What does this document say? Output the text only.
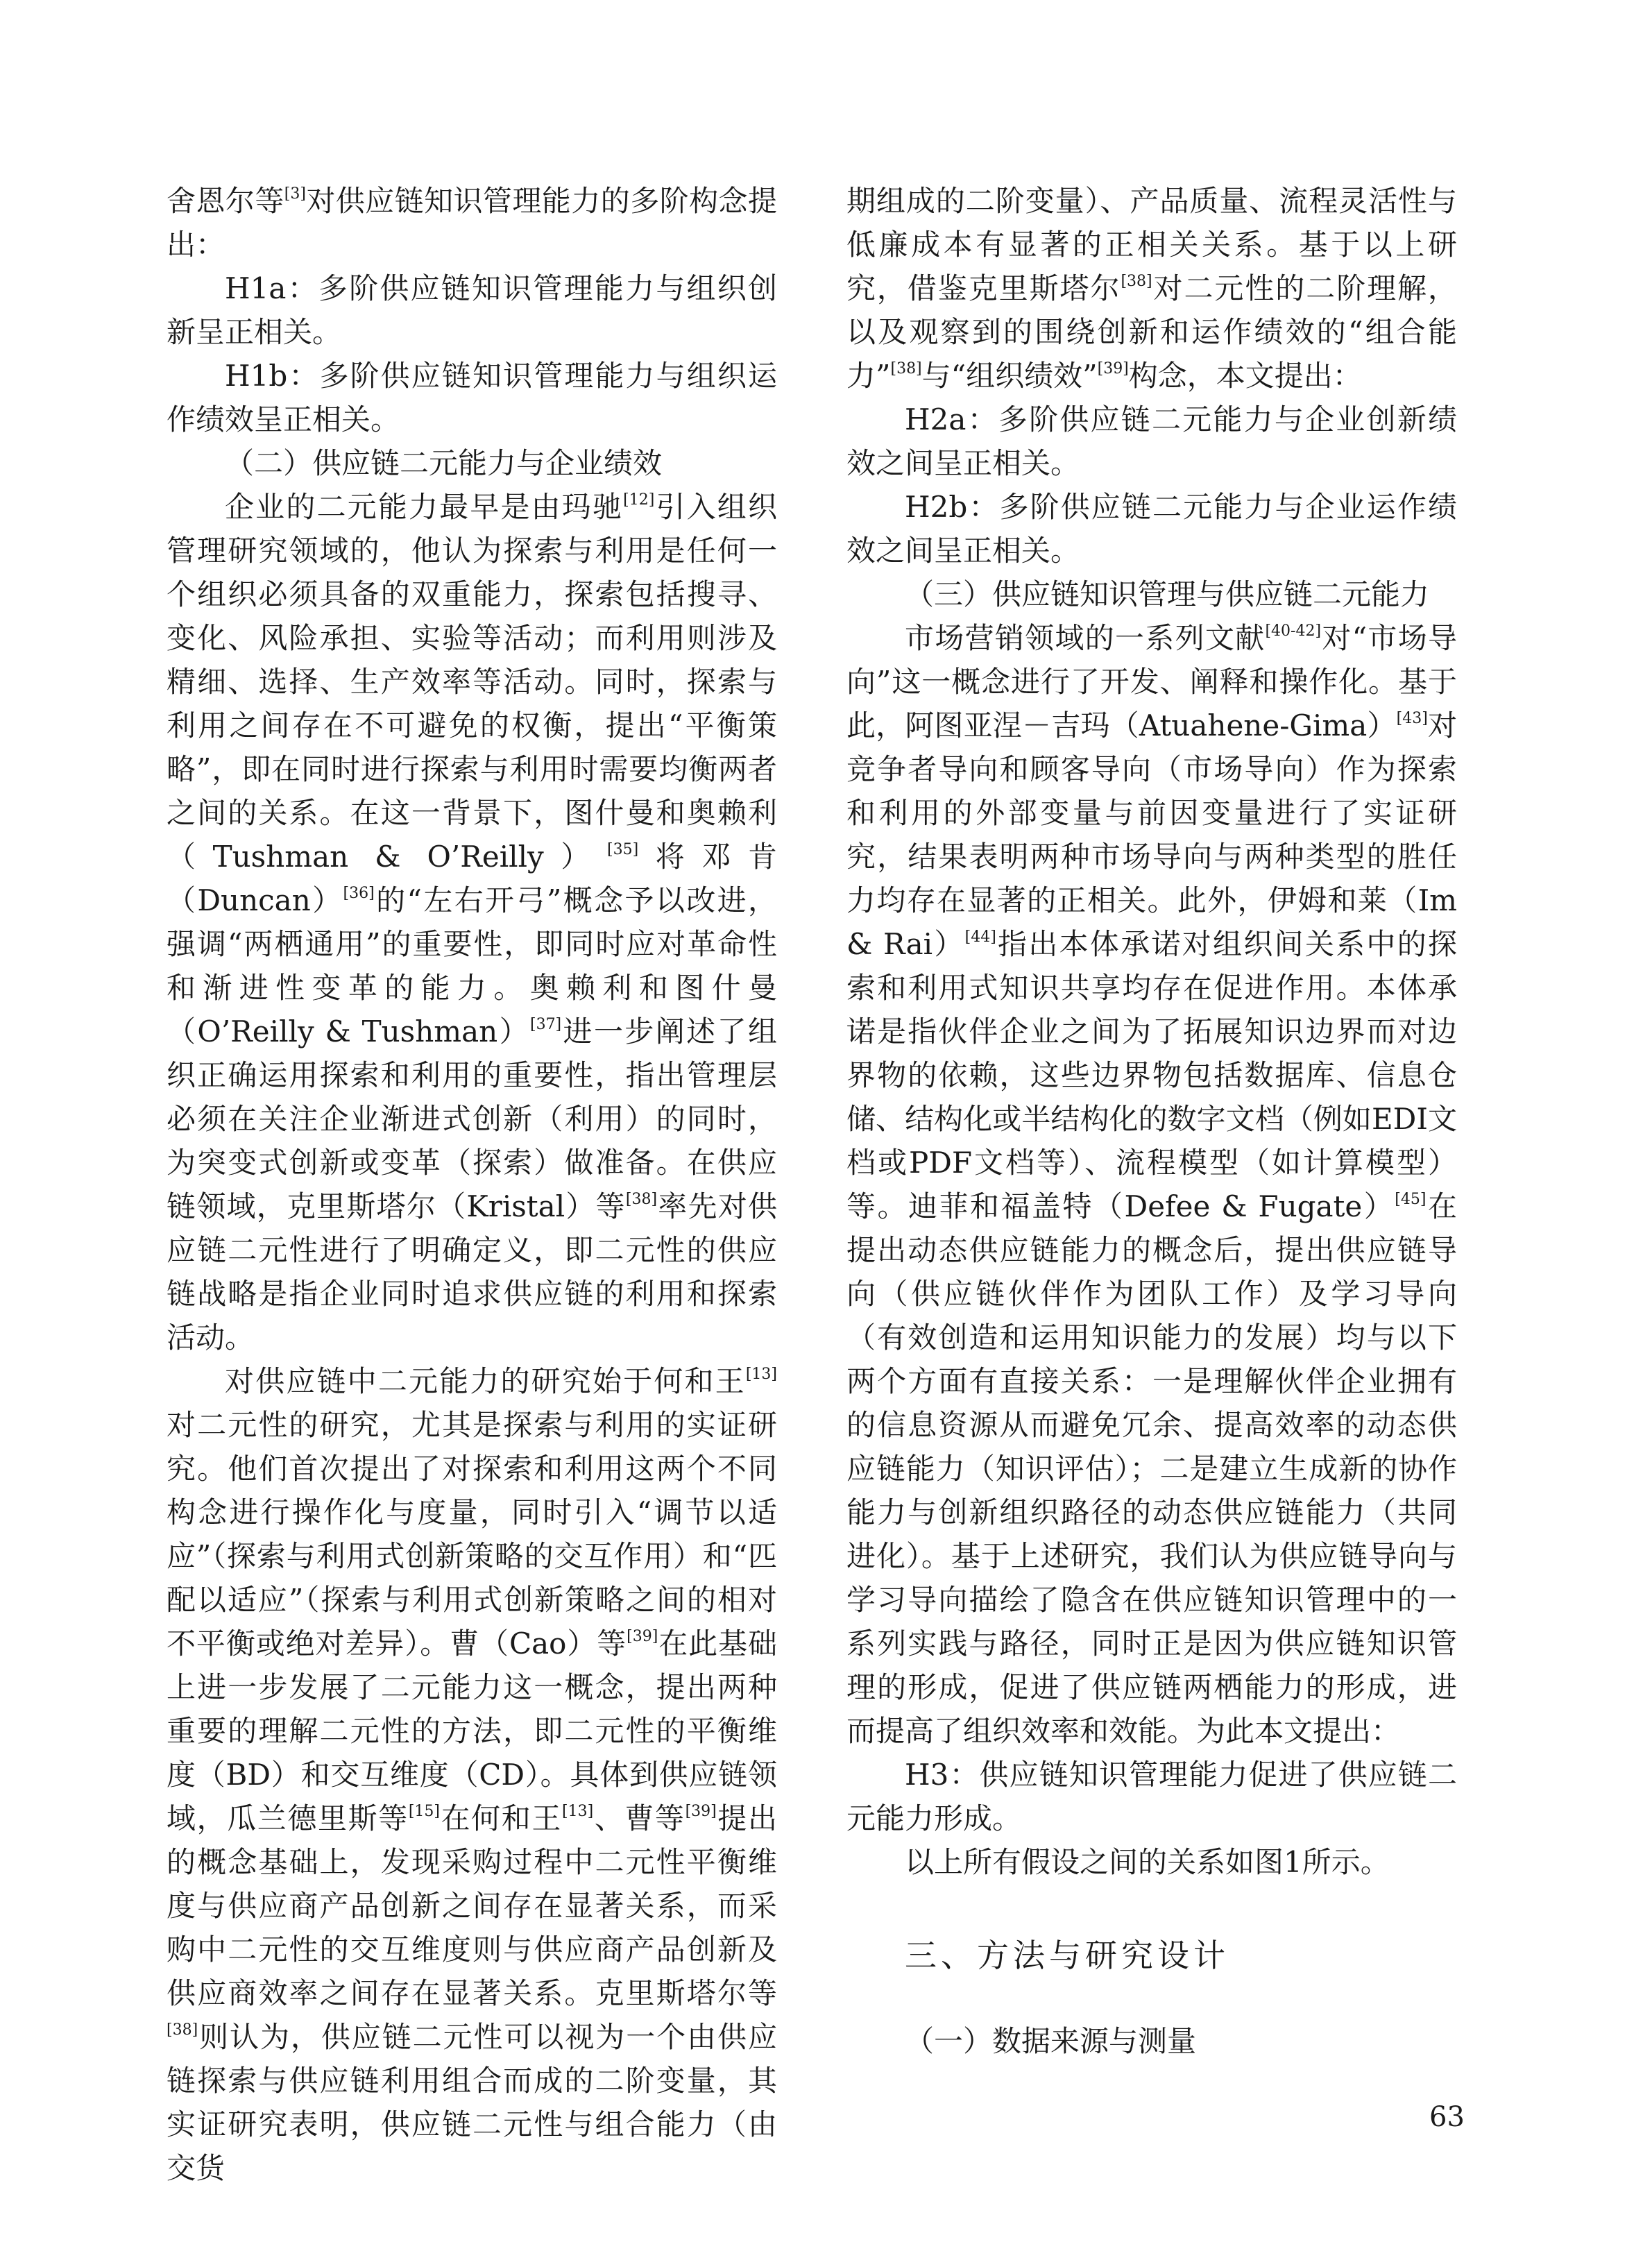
舍恩尔等[3]对供应链知识管理能力的多阶构念提出：

H1a：多阶供应链知识管理能力与组织创新呈正相关。

H1b：多阶供应链知识管理能力与组织运作绩效呈正相关。

（二）供应链二元能力与企业绩效

企业的二元能力最早是由玛驰[12]引入组织管理研究领域的，他认为探索与利用是任何一个组织必须具备的双重能力，探索包括搜寻、变化、风险承担、实验等活动；而利用则涉及精细、选择、生产效率等活动。同时，探索与利用之间存在不可避免的权衡，提出“平衡策略”，即在同时进行探索与利用时需要均衡两者之间的关系。在这一背景下，图什曼和奥赖利（Tushman & O’Reilly）[35]将邓肯（Duncan）[36]的“左右开弓”概念予以改进，强调“两栖通用”的重要性，即同时应对革命性和渐进性变革的能力。奥赖利和图什曼（O’Reilly & Tushman）[37]进一步阐述了组织正确运用探索和利用的重要性，指出管理层必须在关注企业渐进式创新（利用）的同时，为突变式创新或变革（探索）做准备。在供应链领域，克里斯塔尔（Kristal）等[38]率先对供应链二元性进行了明确定义，即二元性的供应链战略是指企业同时追求供应链的利用和探索活动。

对供应链中二元能力的研究始于何和王[13]对二元性的研究，尤其是探索与利用的实证研究。他们首次提出了对探索和利用这两个不同构念进行操作化与度量，同时引入“调节以适应”（探索与利用式创新策略的交互作用）和“匹配以适应”（探索与利用式创新策略之间的相对不平衡或绝对差异）。曹（Cao）等[39]在此基础上进一步发展了二元能力这一概念，提出两种重要的理解二元性的方法，即二元性的平衡维度（BD）和交互维度（CD）。具体到供应链领域，瓜兰德里斯等[15]在何和王[13]、曹等[39]提出的概念基础上，发现采购过程中二元性平衡维度与供应商产品创新之间存在显著关系，而采购中二元性的交互维度则与供应商产品创新及供应商效率之间存在显著关系。克里斯塔尔等[38]则认为，供应链二元性可以视为一个由供应链探索与供应链利用组合而成的二阶变量，其实证研究表明，供应链二元性与组合能力（由交货

期组成的二阶变量）、产品质量、流程灵活性与低廉成本有显著的正相关关系。基于以上研究，借鉴克里斯塔尔[38]对二元性的二阶理解，以及观察到的围绕创新和运作绩效的“组合能力”[38]与“组织绩效”[39]构念，本文提出：

H2a：多阶供应链二元能力与企业创新绩效之间呈正相关。

H2b：多阶供应链二元能力与企业运作绩效之间呈正相关。

（三）供应链知识管理与供应链二元能力

市场营销领域的一系列文献[40-42]对“市场导向”这一概念进行了开发、阐释和操作化。基于此，阿图亚涅－吉玛（Atuahene-Gima）[43]对竞争者导向和顾客导向（市场导向）作为探索和利用的外部变量与前因变量进行了实证研究，结果表明两种市场导向与两种类型的胜任力均存在显著的正相关。此外，伊姆和莱（Im & Rai）[44]指出本体承诺对组织间关系中的探索和利用式知识共享均存在促进作用。本体承诺是指伙伴企业之间为了拓展知识边界而对边界物的依赖，这些边界物包括数据库、信息仓储、结构化或半结构化的数字文档（例如EDI文档或PDF文档等）、流程模型（如计算模型）等。迪菲和福盖特（Defee & Fugate）[45]在提出动态供应链能力的概念后，提出供应链导向（供应链伙伴作为团队工作）及学习导向（有效创造和运用知识能力的发展）均与以下两个方面有直接关系：一是理解伙伴企业拥有的信息资源从而避免冗余、提高效率的动态供应链能力（知识评估）；二是建立生成新的协作能力与创新组织路径的动态供应链能力（共同进化）。基于上述研究，我们认为供应链导向与学习导向描绘了隐含在供应链知识管理中的一系列实践与路径，同时正是因为供应链知识管理的形成，促进了供应链两栖能力的形成，进而提高了组织效率和效能。为此本文提出：

H3：供应链知识管理能力促进了供应链二元能力形成。

以上所有假设之间的关系如图1所示。

三、方法与研究设计

（一）数据来源与测量

63
